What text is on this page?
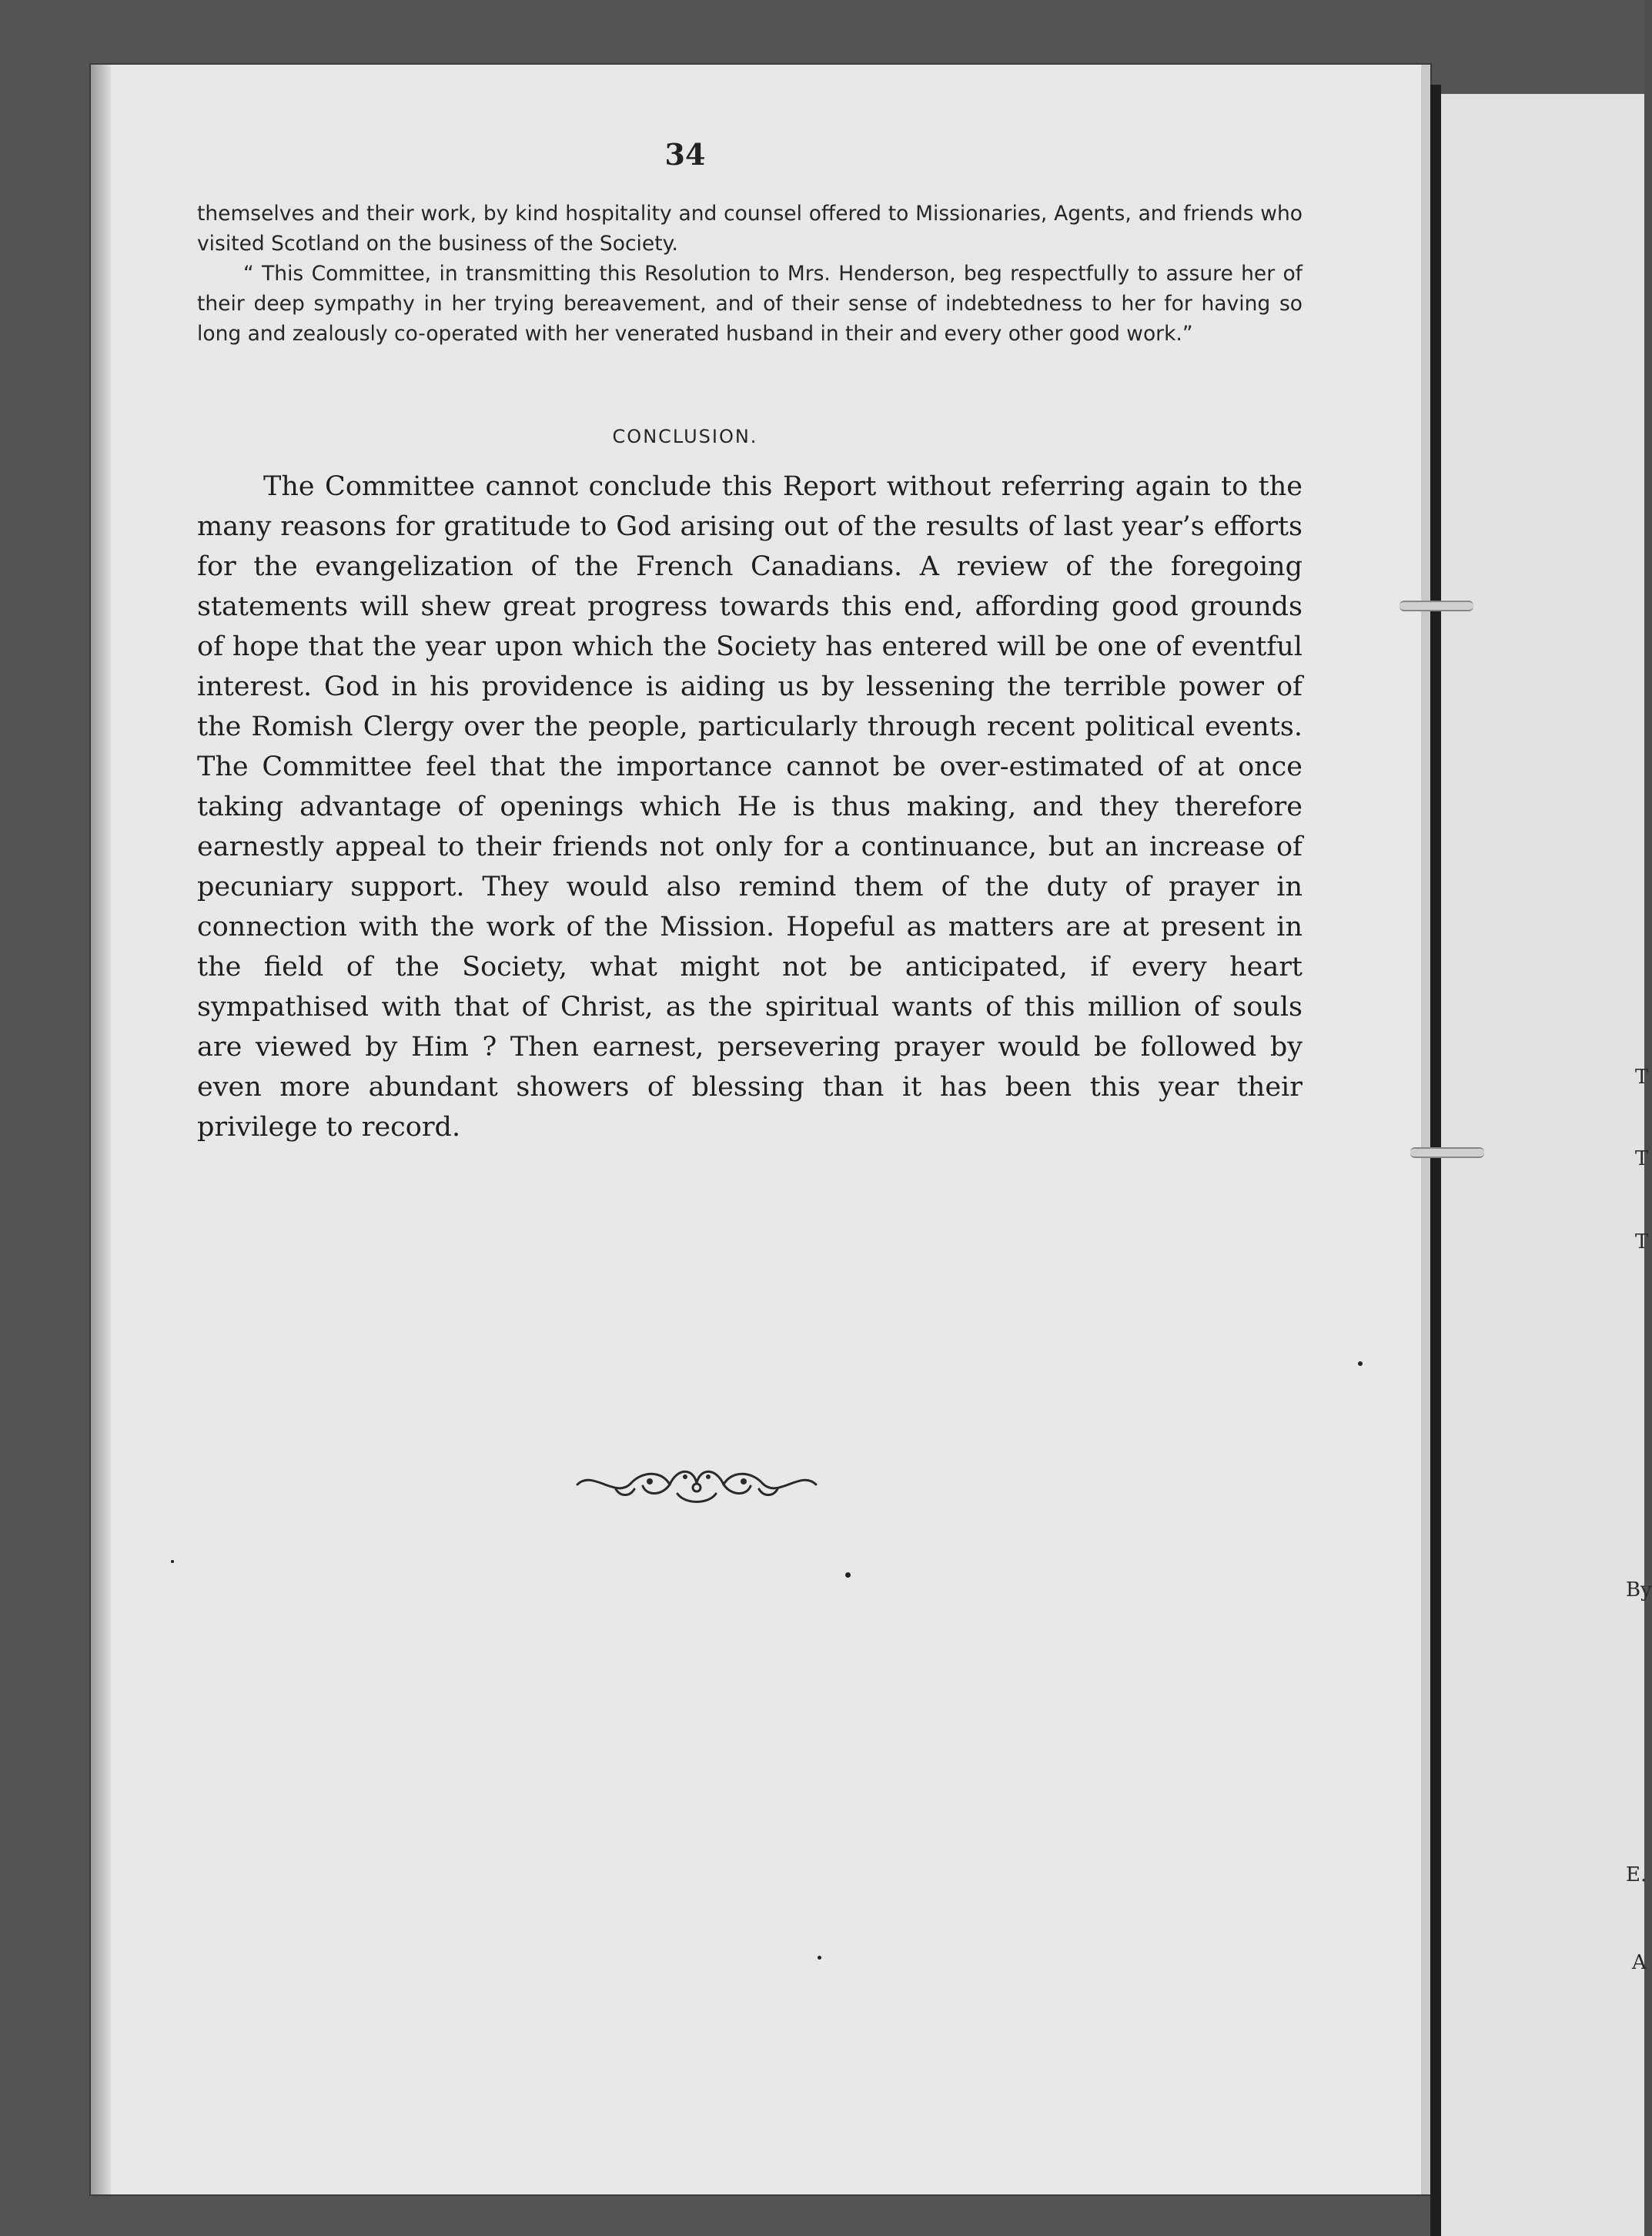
T
T
T
By
E.
A
34

themselves and their work, by kind hospitality and counsel offered to Missionaries, Agents, and friends who visited Scotland on the business of the Society.

“ This Committee, in transmitting this Resolution to Mrs. Henderson, beg respectfully to assure her of their deep sympathy in her trying bereavement, and of their sense of indebtedness to her for having so long and zealously co-operated with her venerated husband in their and every other good work.”

CONCLUSION.
The Committee cannot conclude this Report without referring again to the many reasons for gratitude to God arising out of the results of last year’s efforts for the evangelization of the French Canadians. A review of the foregoing statements will shew great progress towards this end, affording good grounds of hope that the year upon which the Society has entered will be one of eventful interest. God in his providence is aiding us by lessening the terrible power of the Romish Clergy over the people, particularly through recent political events. The Committee feel that the importance cannot be over-estimated of at once taking advantage of openings which He is thus making, and they therefore earnestly appeal to their friends not only for a continuance, but an increase of pecuniary support. They would also remind them of the duty of prayer in connection with the work of the Mission. Hopeful as matters are at present in the field of the Society, what might not be anticipated, if every heart sympathised with that of Christ, as the spiritual wants of this million of souls are viewed by Him ? Then earnest, persevering prayer would be followed by even more abundant showers of blessing than it has been this year their privilege to record.
